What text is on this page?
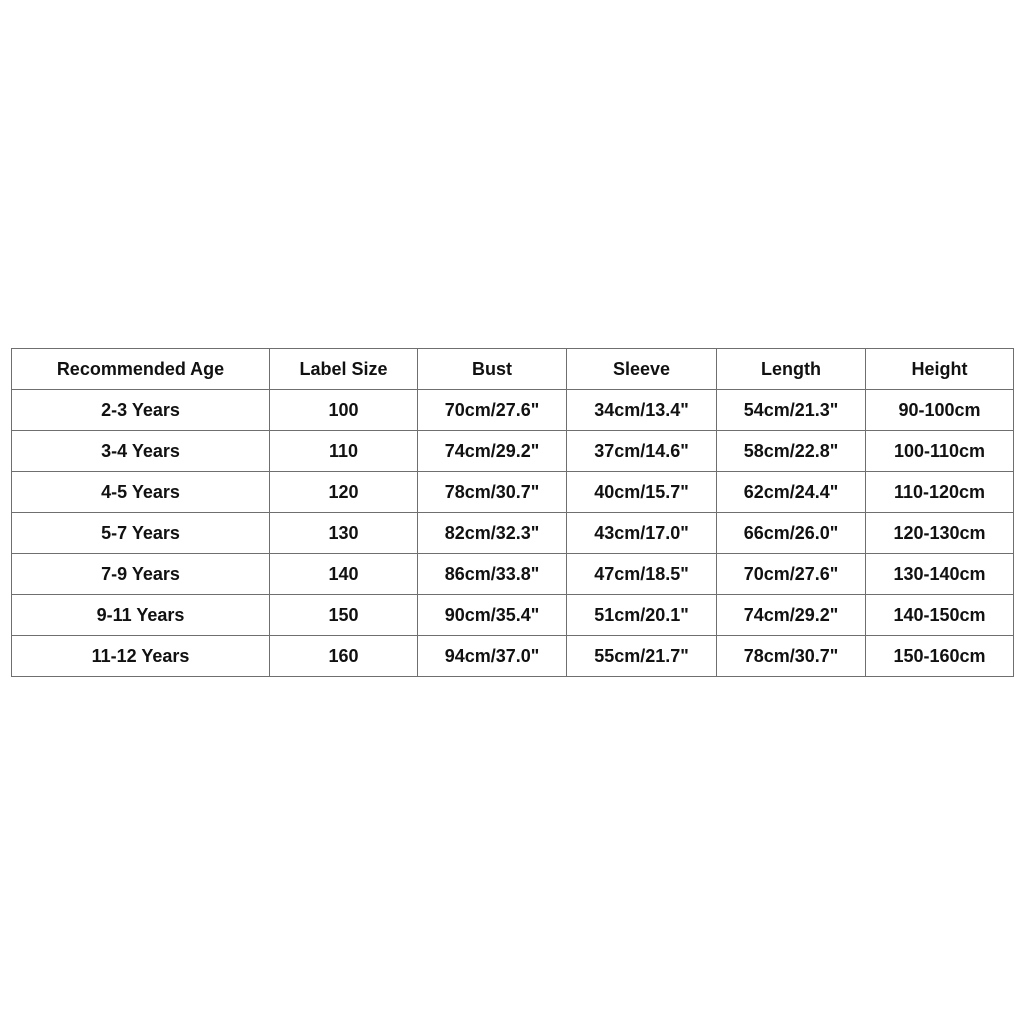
Recommended Age	Label Size	Bust	Sleeve	Length	Height
2-3 Years	100	70cm/27.6"	34cm/13.4"	54cm/21.3"	90-100cm
3-4 Years	110	74cm/29.2"	37cm/14.6"	58cm/22.8"	100-110cm
4-5 Years	120	78cm/30.7"	40cm/15.7"	62cm/24.4"	110-120cm
5-7 Years	130	82cm/32.3"	43cm/17.0"	66cm/26.0"	120-130cm
7-9 Years	140	86cm/33.8"	47cm/18.5"	70cm/27.6"	130-140cm
9-11 Years	150	90cm/35.4"	51cm/20.1"	74cm/29.2"	140-150cm
11-12 Years	160	94cm/37.0"	55cm/21.7"	78cm/30.7"	150-160cm
